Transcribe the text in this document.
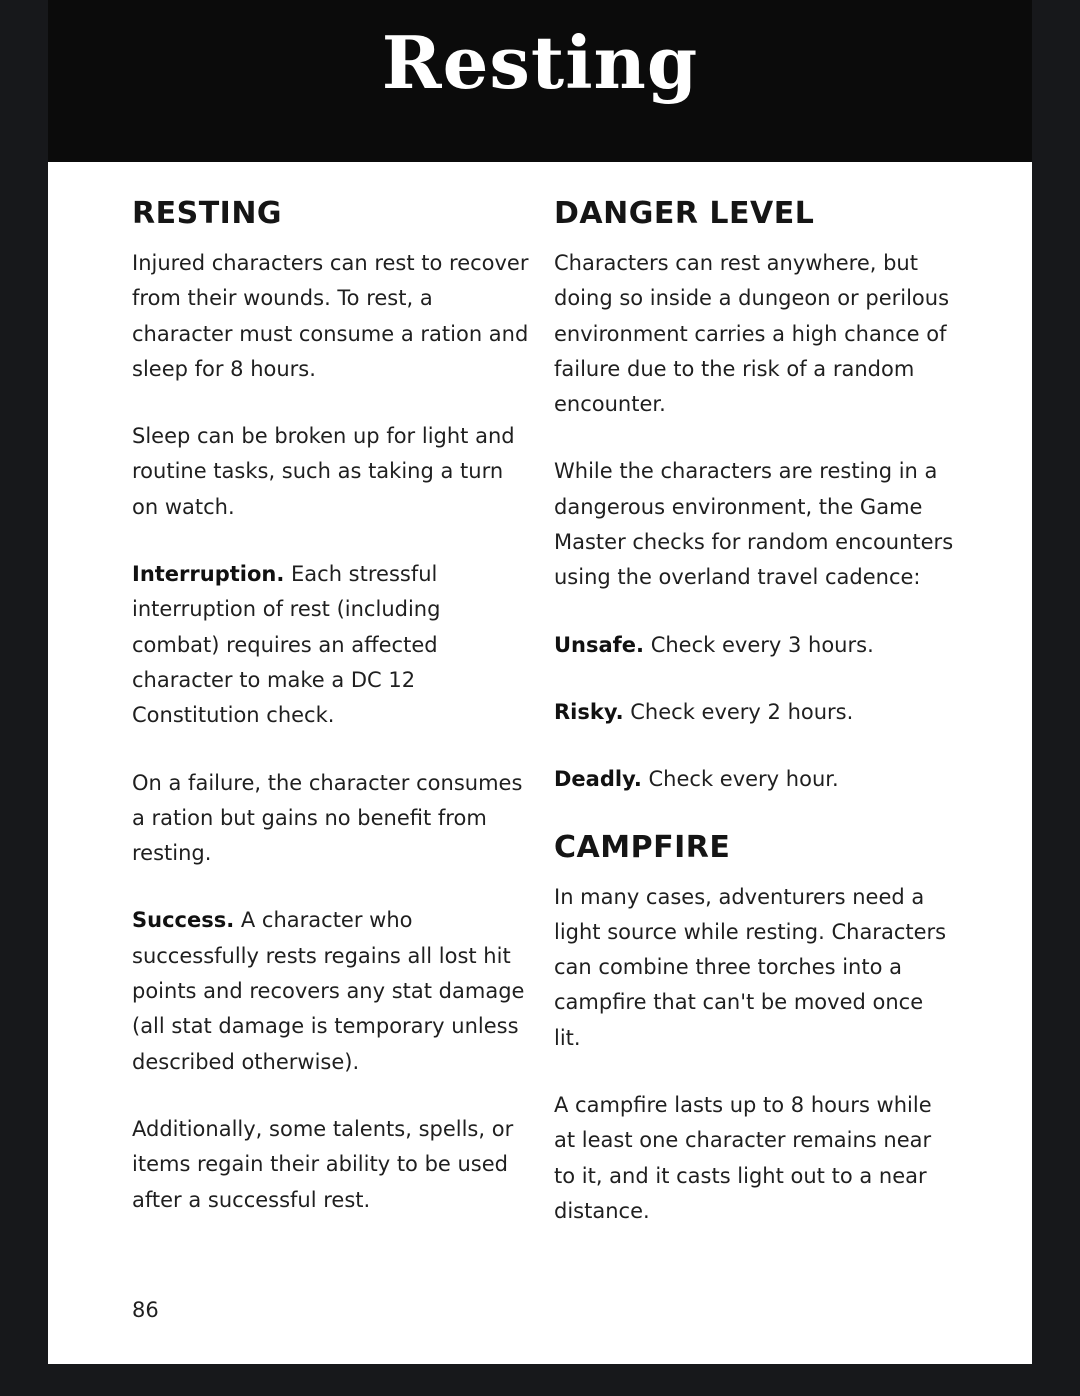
Resting
RESTING

Injured characters can rest to recover from their wounds. To rest, a character must consume a ration and sleep for 8 hours.

Sleep can be broken up for light and routine tasks, such as taking a turn on watch.

Interruption. Each stressful interruption of rest (including combat) requires an affected character to make a DC 12 Constitution check.

On a failure, the character consumes a ration but gains no benefit from resting.

Success. A character who successfully rests regains all lost hit points and recovers any stat damage (all stat damage is temporary unless described otherwise).

Additionally, some talents, spells, or items regain their ability to be used after a successful rest.

DANGER LEVEL

Characters can rest anywhere, but doing so inside a dungeon or perilous environment carries a high chance of failure due to the risk of a random encounter.

While the characters are resting in a dangerous environment, the Game Master checks for random encounters using the overland travel cadence:

Unsafe. Check every 3 hours.

Risky. Check every 2 hours.

Deadly. Check every hour.

CAMPFIRE

In many cases, adventurers need a light source while resting. Characters can combine three torches into a campfire that can't be moved once lit.

A campfire lasts up to 8 hours while at least one character remains near to it, and it casts light out to a near distance.

86
